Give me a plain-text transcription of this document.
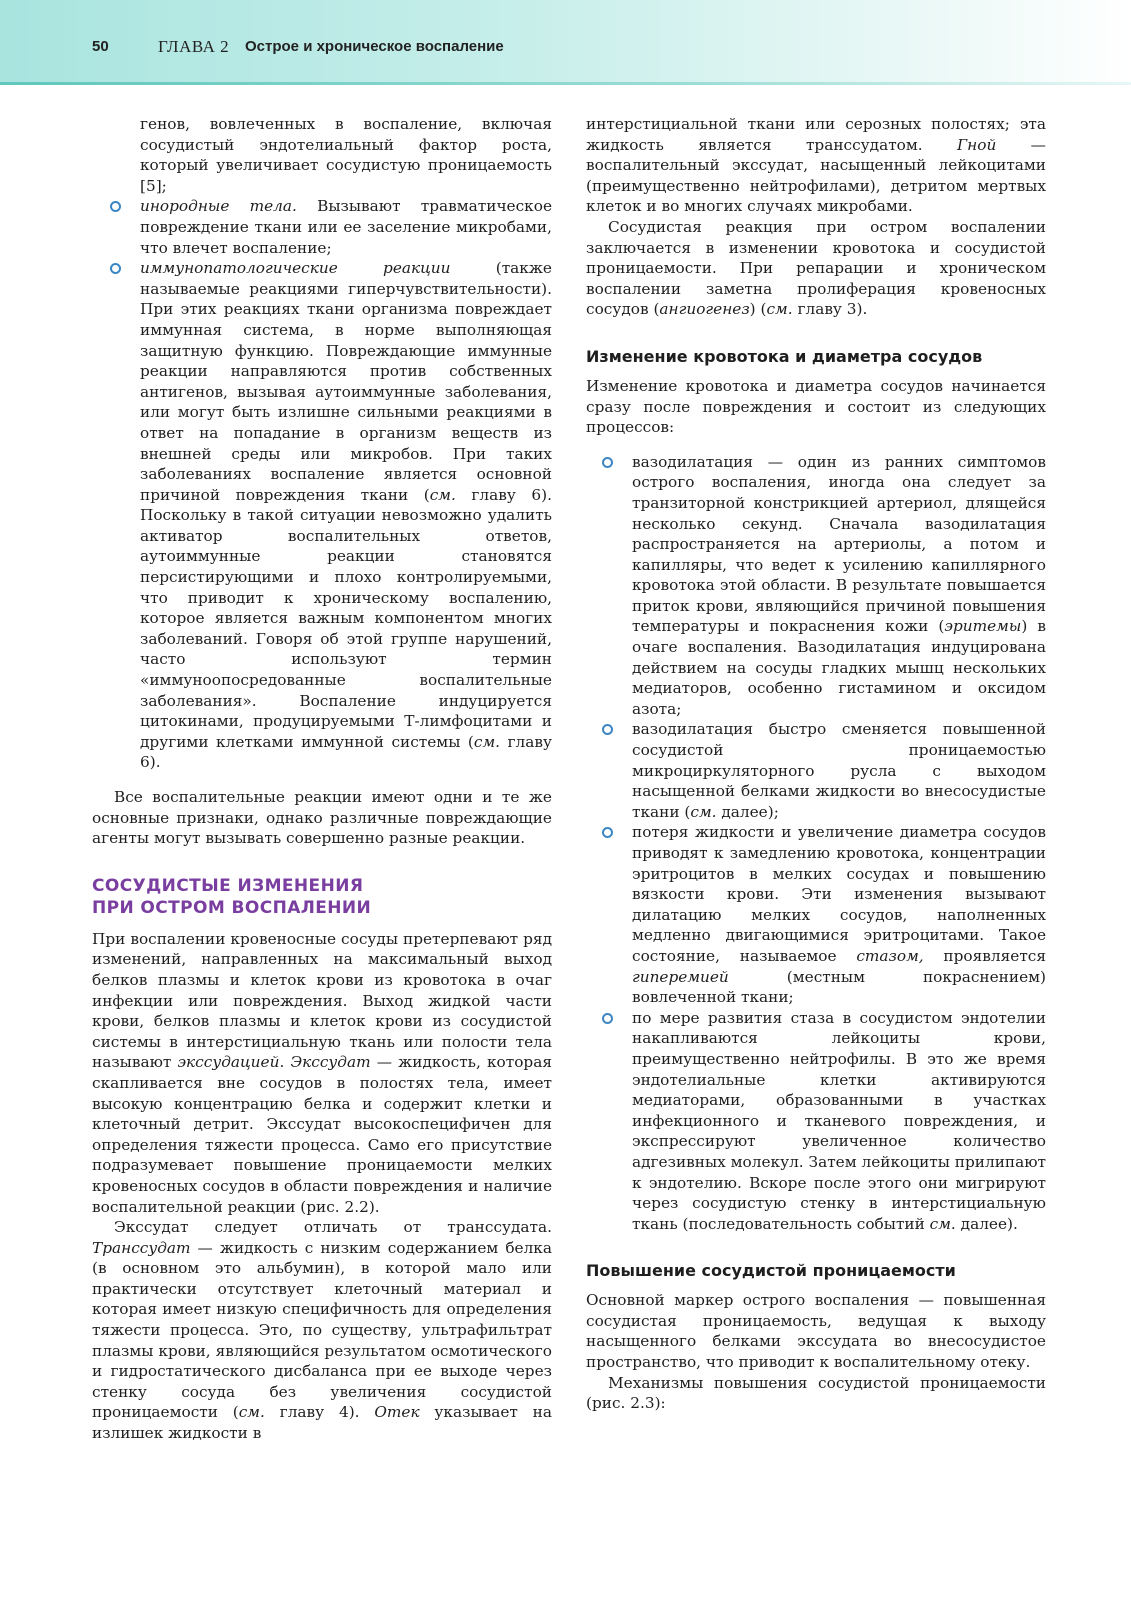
50	ГЛАВА 2 Острое и хроническое воспаление

генов, вовлеченных в воспаление, включая сосудистый эндотелиальный фактор роста, который увеличивает сосудистую проницаемость [5];

инородные тела. Вызывают травматическое повреждение ткани или ее заселение микробами, что влечет воспаление;
иммунопатологические реакции (также называемые реакциями гиперчувствительности). При этих реакциях ткани организма повреждает иммунная система, в норме выполняющая защитную функцию. Повреждающие иммунные реакции направляются против собственных антигенов, вызывая аутоиммунные заболевания, или могут быть излишне сильными реакциями в ответ на попадание в организм веществ из внешней среды или микробов. При таких заболеваниях воспаление является основной причиной повреждения ткани (см. главу 6). Поскольку в такой ситуации невозможно удалить активатор воспалительных ответов, аутоиммунные реакции становятся персистирующими и плохо контролируемыми, что приводит к хроническому воспалению, которое является важным компонентом многих заболеваний. Говоря об этой группе нарушений, часто используют термин «иммуноопосредованные воспалительные заболевания». Воспаление индуцируется цитокинами, продуцируемыми Т-лимфоцитами и другими клетками иммунной системы (см. главу 6).

Все воспалительные реакции имеют одни и те же основные признаки, однако различные повреждающие агенты могут вызывать совершенно разные реакции.

СОСУДИСТЫЕ ИЗМЕНЕНИЯ
ПРИ ОСТРОМ ВОСПАЛЕНИИ

При воспалении кровеносные сосуды претерпевают ряд изменений, направленных на максимальный выход белков плазмы и клеток крови из кровотока в очаг инфекции или повреждения. Выход жидкой части крови, белков плазмы и клеток крови из сосудистой системы в интерстициальную ткань или полости тела называют экссудацией. Экссудат — жидкость, которая скапливается вне сосудов в полостях тела, имеет высокую концентрацию белка и содержит клетки и клеточный детрит. Экссудат высокоспецифичен для определения тяжести процесса. Само его присутствие подразумевает повышение проницаемости мелких кровеносных сосудов в области повреждения и наличие воспалительной реакции (рис. 2.2).

Экссудат следует отличать от транссудата. Транссудат — жидкость с низким содержанием белка (в основном это альбумин), в которой мало или практически отсутствует клеточный материал и которая имеет низкую специфичность для определения тяжести процесса. Это, по существу, ультрафильтрат плазмы крови, являющийся результатом осмотического и гидростатического дисбаланса при ее выходе через стенку сосуда без увеличения сосудистой проницаемости (см. главу 4). Отек указывает на излишек жидкости в

интерстициальной ткани или серозных полостях; эта жидкость является транссудатом. Гной — воспалительный экссудат, насыщенный лейкоцитами (преимущественно нейтрофилами), детритом мертвых клеток и во многих случаях микробами.

Сосудистая реакция при остром воспалении заключается в изменении кровотока и сосудистой проницаемости. При репарации и хроническом воспалении заметна пролиферация кровеносных сосудов (ангиогенез) (см. главу 3).

Изменение кровотока и диаметра сосудов

Изменение кровотока и диаметра сосудов начинается сразу после повреждения и состоит из следующих процессов:

вазодилатация — один из ранних симптомов острого воспаления, иногда она следует за транзиторной констрикцией артериол, длящейся несколько секунд. Сначала вазодилатация распространяется на артериолы, а потом и капилляры, что ведет к усилению капиллярного кровотока этой области. В результате повышается приток крови, являющийся причиной повышения температуры и покраснения кожи (эритемы) в очаге воспаления. Вазодилатация индуцирована действием на сосуды гладких мышц нескольких медиаторов, особенно гистамином и оксидом азота;
вазодилатация быстро сменяется повышенной сосудистой проницаемостью микроциркуляторного русла с выходом насыщенной белками жидкости во внесосудистые ткани (см. далее);
потеря жидкости и увеличение диаметра сосудов приводят к замедлению кровотока, концентрации эритроцитов в мелких сосудах и повышению вязкости крови. Эти изменения вызывают дилатацию мелких сосудов, наполненных медленно двигающимися эритроцитами. Такое состояние, называемое стазом, проявляется гиперемией (местным покраснением) вовлеченной ткани;
по мере развития стаза в сосудистом эндотелии накапливаются лейкоциты крови, преимущественно нейтрофилы. В это же время эндотелиальные клетки активируются медиаторами, образованными в участках инфекционного и тканевого повреждения, и экспрессируют увеличенное количество адгезивных молекул. Затем лейкоциты прилипают к эндотелию. Вскоре после этого они мигрируют через сосудистую стенку в интерстициальную ткань (последовательность событий см. далее).
Повышение сосудистой проницаемости

Основной маркер острого воспаления — повышенная сосудистая проницаемость, ведущая к выходу насыщенного белками экссудата во внесосудистое пространство, что приводит к воспалительному отеку.

Механизмы повышения сосудистой проницаемости (рис. 2.3):
